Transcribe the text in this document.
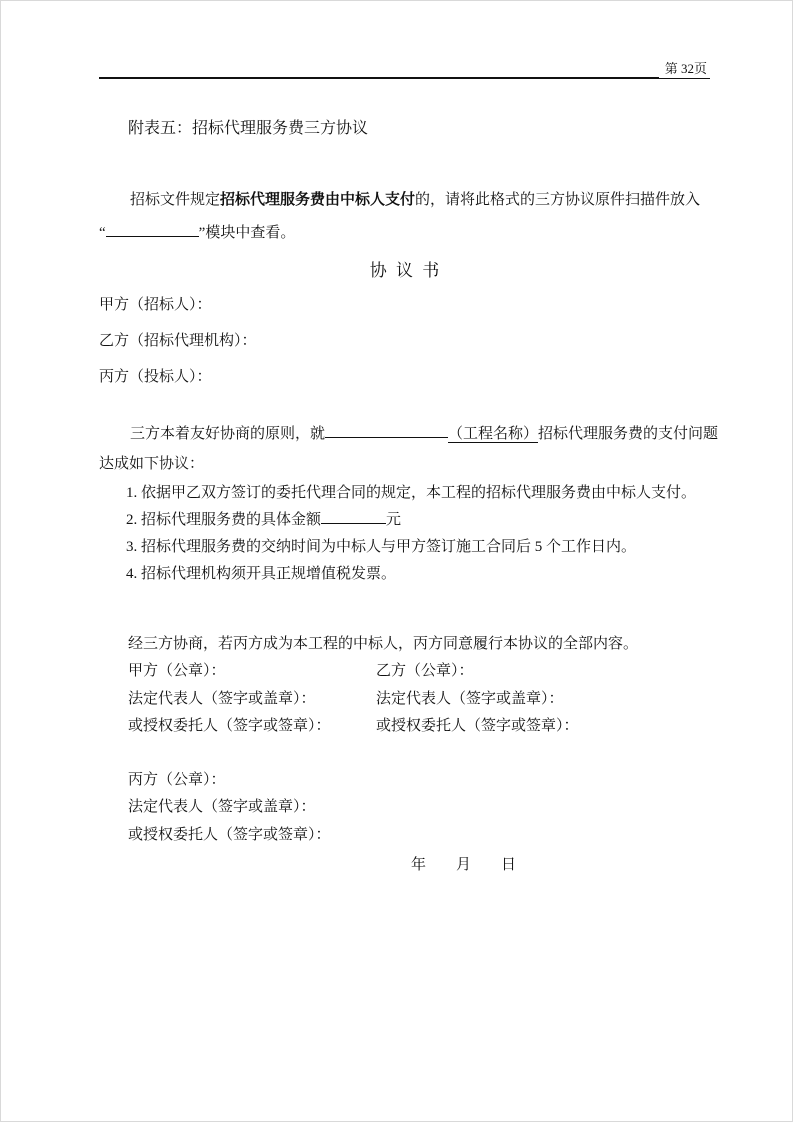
第 32页
附表五：招标代理服务费三方协议
招标文件规定招标代理服务费由中标人支付的，请将此格式的三方协议原件扫描件放入
“	”模块中查看。
协 议 书
甲方（招标人）：
乙方（招标代理机构）：
丙方（投标人）：
三方本着友好协商的原则，就	（工程名称）招标代理服务费的支付问题
达成如下协议：
1. 依据甲乙双方签订的委托代理合同的规定，本工程的招标代理服务费由中标人支付。
2. 招标代理服务费的具体金额	元
3. 招标代理服务费的交纳时间为中标人与甲方签订施工合同后 5 个工作日内。
4. 招标代理机构须开具正规增值税发票。
经三方协商，若丙方成为本工程的中标人，丙方同意履行本协议的全部内容。
甲方（公章）：	乙方（公章）：
法定代表人（签字或盖章）：	法定代表人（签字或盖章）：
或授权委托人（签字或签章）：	或授权委托人（签字或签章）：
丙方（公章）：
法定代表人（签字或盖章）：
或授权委托人（签字或签章）：
年　　月　　日
